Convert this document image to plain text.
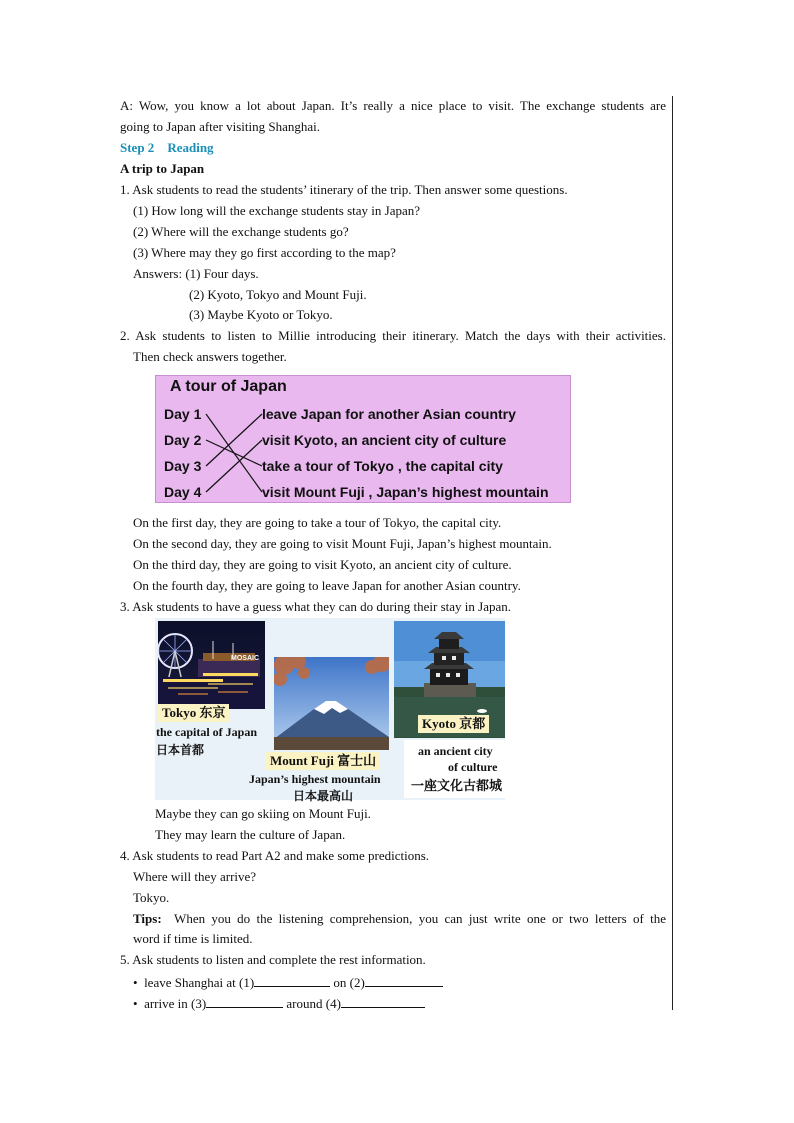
A: Wow, you know a lot about Japan. It’s really a nice place to visit. The exchange students are
going to Japan after visiting Shanghai.
Step 2 Reading
A trip to Japan
1. Ask students to read the students’ itinerary of the trip. Then answer some questions.
(1) How long will the exchange students stay in Japan?
(2) Where will the exchange students go?
(3) Where may they go first according to the map?
Answers: (1) Four days.
(2) Kyoto, Tokyo and Mount Fuji.
(3) Maybe Kyoto or Tokyo.
2. Ask students to listen to Millie introducing their itinerary. Match the days with their activities.
Then check answers together.
A tour of Japan
Day 1
Day 2
Day 3
Day 4
leave Japan for another Asian country
visit Kyoto, an ancient city of culture
take a tour of Tokyo , the capital city
visit Mount Fuji , Japan’s highest mountain
On the first day, they are going to take a tour of Tokyo, the capital city.
On the second day, they are going to visit Mount Fuji, Japan’s highest mountain.
On the third day, they are going to visit Kyoto, an ancient city of culture.
On the fourth day, they are going to leave Japan for another Asian country.
3. Ask students to have a guess what they can do during their stay in Japan.
MOSAIC
Tokyo 东京
the capital of Japan
日本首都
Mount Fuji 富士山
Japan’s highest mountain
日本最高山
Kyoto 京都
an ancient city
of culture
一座文化古都城
Maybe they can go skiing on Mount Fuji.
They may learn the culture of Japan.
4. Ask students to read Part A2 and make some predictions.
Where will they arrive?
Tokyo.
Tips: When you do the listening comprehension, you can just write one or two letters of the
word if time is limited.
5. Ask students to listen and complete the rest information.
• leave Shanghai at (1)	on (2)
• arrive in (3)	around (4)
